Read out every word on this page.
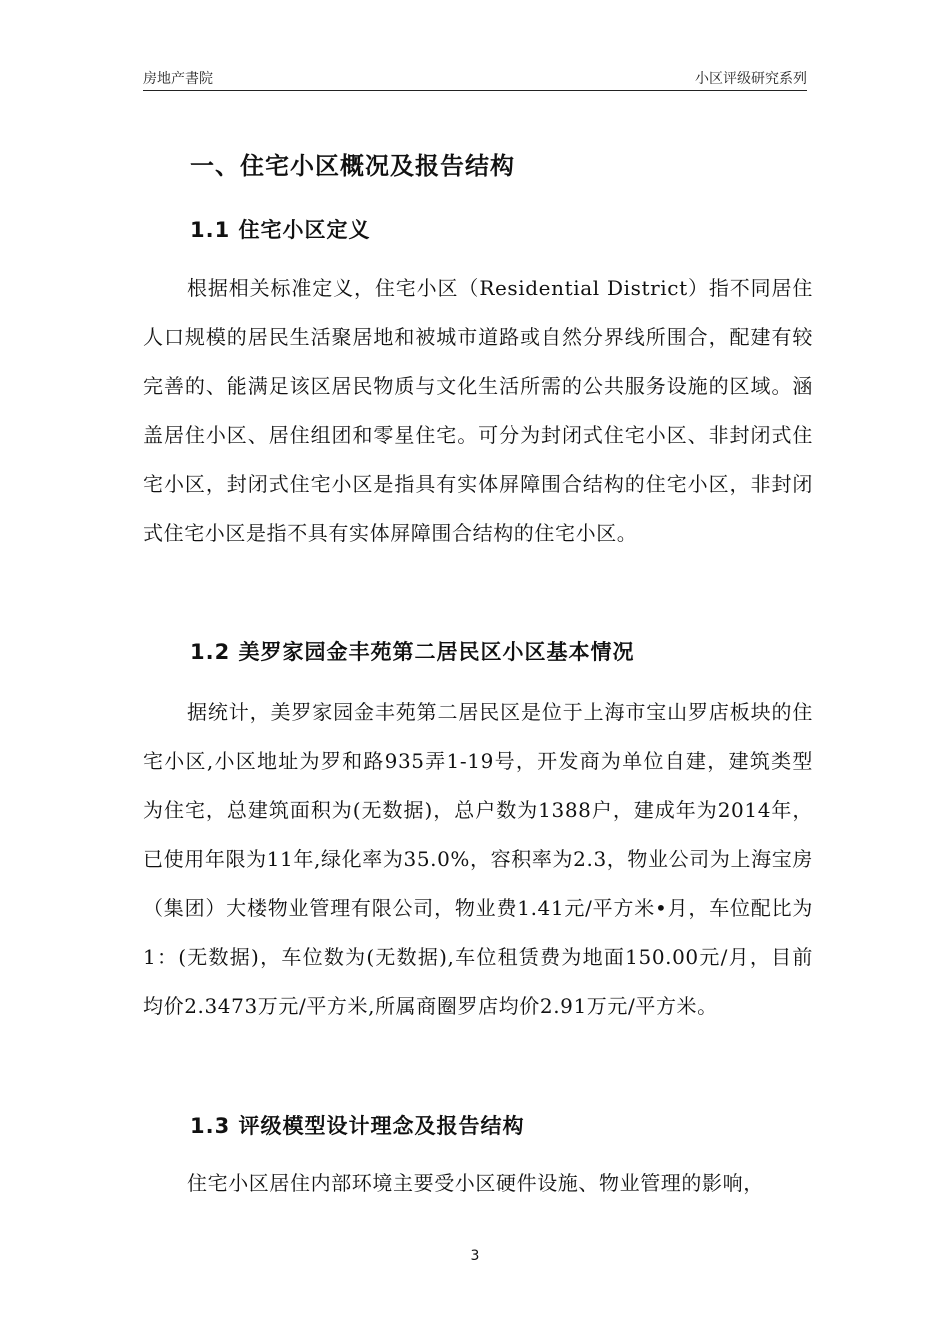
房地产書院	小区评级研究系列
一、住宅小区概况及报告结构
1.1 住宅小区定义

根据相关标准定义，住宅小区（Residential District）指不同居住人口规模的居民生活聚居地和被城市道路或自然分界线所围合，配建有较完善的、能满足该区居民物质与文化生活所需的公共服务设施的区域。涵盖居住小区、居住组团和零星住宅。可分为封闭式住宅小区、非封闭式住宅小区，封闭式住宅小区是指具有实体屏障围合结构的住宅小区，非封闭式住宅小区是指不具有实体屏障围合结构的住宅小区。

1.2 美罗家园金丰苑第二居民区小区基本情况

据统计，美罗家园金丰苑第二居民区是位于上海市宝山罗店板块的住宅小区,小区地址为罗和路935弄1-19号，开发商为单位自建，建筑类型为住宅，总建筑面积为(无数据)，总户数为1388户，建成年为2014年，已使用年限为11年,绿化率为35.0%，容积率为2.3，物业公司为上海宝房（集团）大楼物业管理有限公司，物业费1.41元/平方米•月，车位配比为1：(无数据)，车位数为(无数据),车位租赁费为地面150.00元/月，目前均价2.3473万元/平方米,所属商圈罗店均价2.91万元/平方米。

1.3 评级模型设计理念及报告结构

住宅小区居住内部环境主要受小区硬件设施、物业管理的影响，

3
